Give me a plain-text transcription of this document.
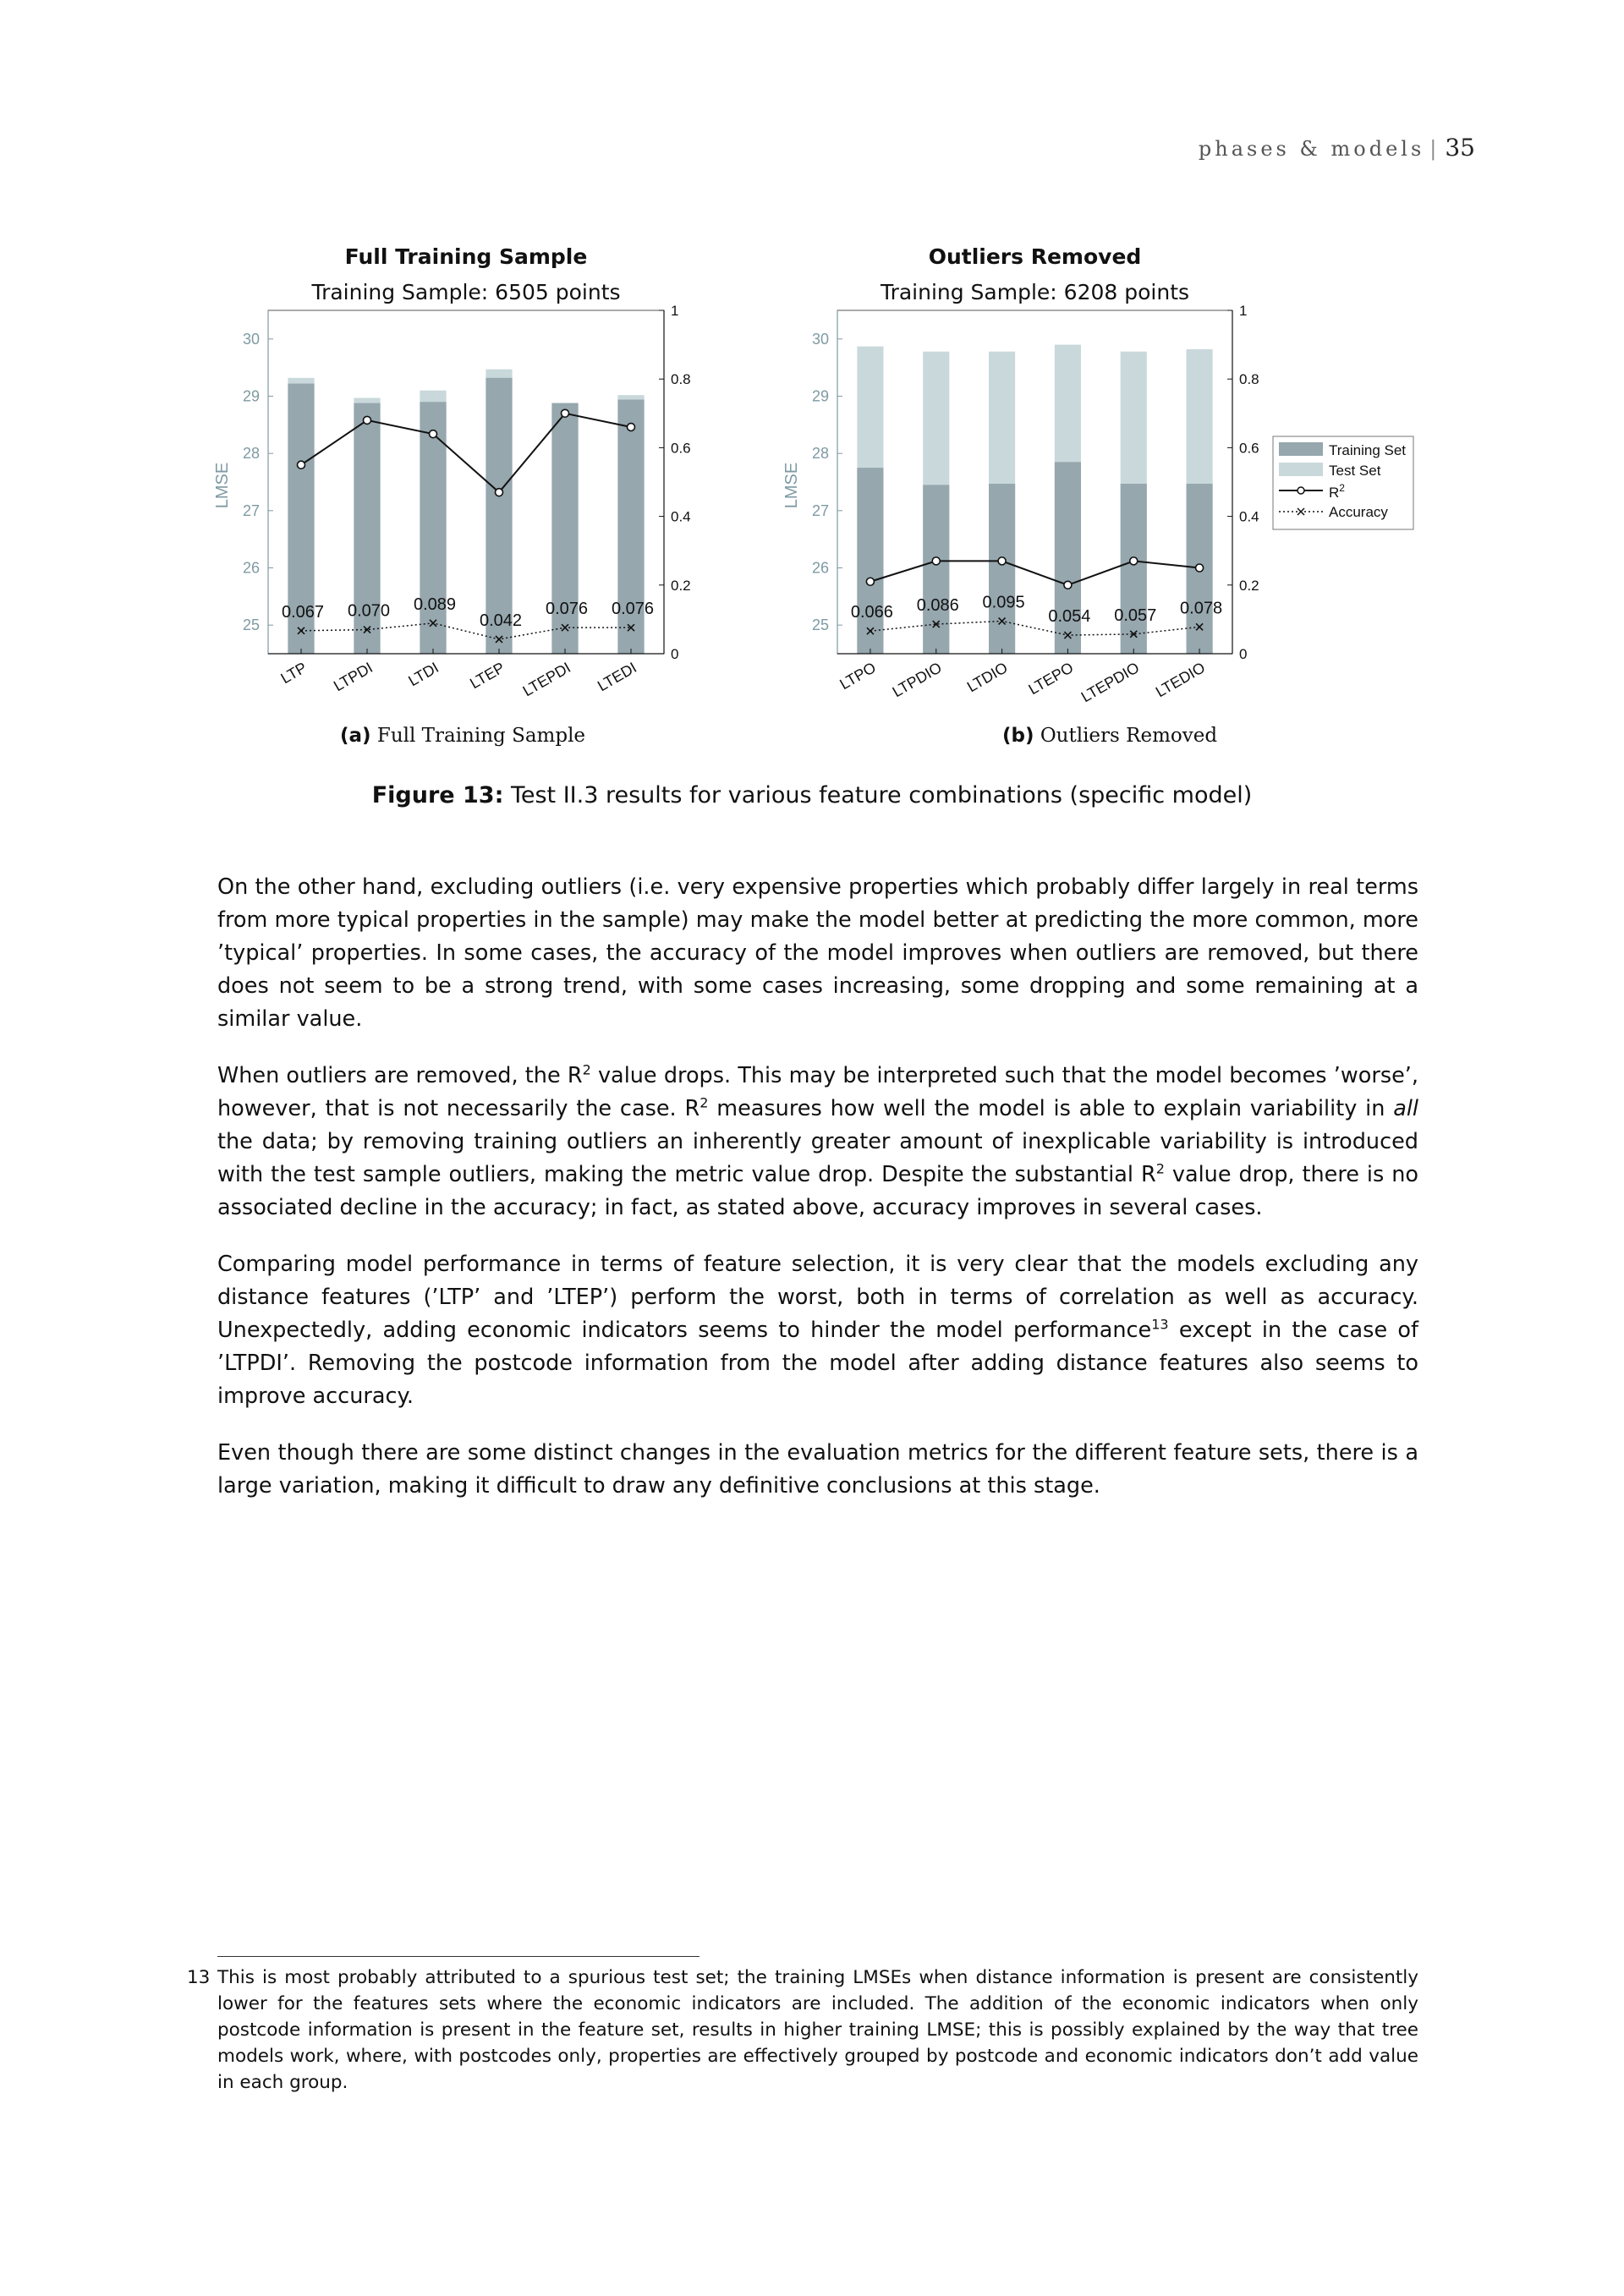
phases & models | 35
Full Training Sample
Training Sample: 6505 points
25
26
27
28
29
30
LMSE
0
0.2
0.4
0.6
0.8
1
LTP LTPDI LTDI LTEP LTEPDI LTEDI
0.067 0.070 0.089
0.042
0.076 0.076
Outliers Removed
Training Sample: 6208 points
25
26
27
28
29
30
LMSE
0
0.2
0.4
0.6
0.8
1
LTPO LTPDIO LTDIO LTEPO LTEPDIO LTEDIO
0.066 0.086 0.095
0.054 0.057 0.078
Training Set
Test Set
$R^2$
Accuracy
(a) Full Training Sample	(b) Outliers Removed
Figure 13: Test II.3 results for various feature combinations (specific model)

On the other hand, excluding outliers (i.e. very expensive properties which probably differ largely in real terms from more typical properties in the sample) may make the model better at predicting the more common, more ’typical’ properties. In some cases, the accuracy of the model improves when outliers are removed, but there does not seem to be a strong trend, with some cases increasing, some dropping and some remaining at a similar value.

When outliers are removed, the $R^2$ value drops. This may be interpreted such that the model becomes ’worse’, however, that is not necessarily the case. $R^2$ measures how well the model is able to explain variability in all the data; by removing training outliers an inherently greater amount of inexplicable variability is introduced with the test sample outliers, making the metric value drop. Despite the substantial $R^2$ value drop, there is no associated decline in the accuracy; in fact, as stated above, accuracy improves in several cases.

Comparing model performance in terms of feature selection, it is very clear that the models excluding any distance features (’LTP’ and ’LTEP’) perform the worst, both in terms of correlation as well as accuracy. Unexpectedly, adding economic indicators seems to hinder the model performance$^{13}$ except in the case of ’LTPDI’. Removing the postcode information from the model after adding distance features also seems to improve accuracy.

Even though there are some distinct changes in the evaluation metrics for the different feature sets, there is a large variation, making it difficult to draw any definitive conclusions at this stage.

13 This is most probably attributed to a spurious test set; the training LMSEs when distance information is present are consistently lower for the features sets where the economic indicators are included. The addition of the economic indicators when only postcode information is present in the feature set, results in higher training LMSE; this is possibly explained by the way that tree models work, where, with postcodes only, properties are effectively grouped by postcode and economic indicators don’t add value in each group.
